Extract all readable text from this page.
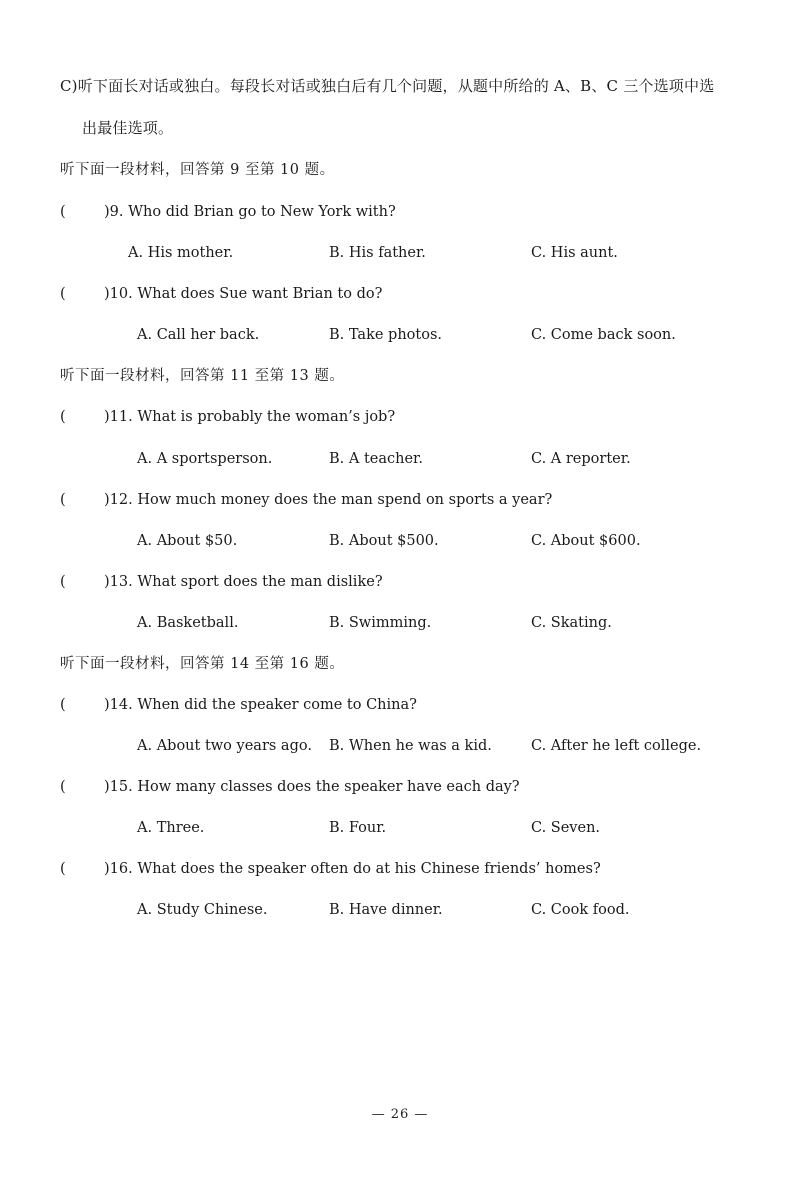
C)听下面长对话或独白。每段长对话或独白后有几个问题，从题中所给的 A、B、C 三个选项中选
出最佳选项。
听下面一段材料，回答第 9 至第 10 题。
(	)9. Who did Brian go to New York with?
A. His mother.	B. His father.	C. His aunt.
(	)10. What does Sue want Brian to do?
A. Call her back.	B. Take photos.	C. Come back soon.
听下面一段材料，回答第 11 至第 13 题。
(	)11. What is probably the woman’s job?
A. A sportsperson.	B. A teacher.	C. A reporter.
(	)12. How much money does the man spend on sports a year?
A. About $50.	B. About $500.	C. About $600.
(	)13. What sport does the man dislike?
A. Basketball.	B. Swimming.	C. Skating.
听下面一段材料，回答第 14 至第 16 题。
(	)14. When did the speaker come to China?
A. About two years ago. B. When he was a kid.	C. After he left college.
(	)15. How many classes does the speaker have each day?
A. Three.	B. Four.	C. Seven.
(	)16. What does the speaker often do at his Chinese friends’ homes?
A. Study Chinese.	B. Have dinner.	C. Cook food.
— 26 —
